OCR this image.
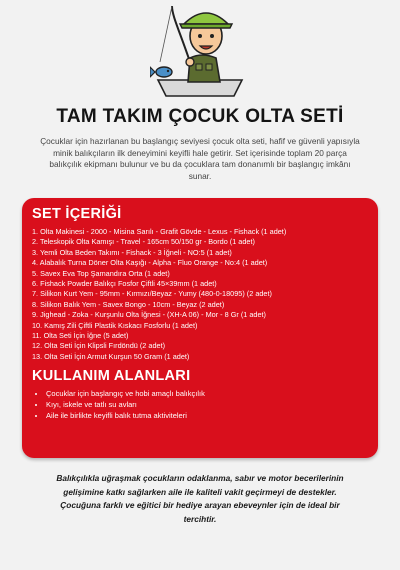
TAM TAKIM ÇOCUK OLTA SETİ
Çocuklar için hazırlanan bu başlangıç seviyesi çocuk olta seti, hafif ve güvenli yapısıyla minik balıkçıların ilk deneyimini keyifli hale getirir. Set içerisinde toplam 20 parça balıkçılık ekipmanı bulunur ve bu da çocuklara tam donanımlı bir başlangıç imkânı sunar.
SET İÇERİĞİ
1. Olta Makinesi - 2000 - Misina Sarılı - Grafit Gövde - Lexus - Fishack (1 adet)
2. Teleskopik Olta Kamışı - Travel - 165cm 50/150 gr - Bordo (1 adet)
3. Yemli Olta Beden Takımı - Fishack - 3 İğneli - NO:5 (1 adet)
4. Alabalık Turna Döner Olta Kaşığı - Alpha - Fluo Orange - No:4 (1 adet)
5. Savex Eva Top Şamandıra Orta (1 adet)
6. Fishack Powder Balıkçı Fosfor Çiftli 45×39mm (1 adet)
7. Silikon Kurt Yem - 95mm - Kırmızı/Beyaz - Yumy (480-0-18095) (2 adet)
8. Silikon Balık Yem - Savex Bongo - 10cm - Beyaz (2 adet)
9. Jighead - Zoka - Kurşunlu Olta İğnesi - (XH-A 06) - Mor - 8 Gr (1 adet)
10. Kamış Zili Çiftli Plastik Kıskacı Fosforlu (1 adet)
11. Olta Seti İçin İğne (5 adet)
12. Olta Seti İçin Klipsli Fırdöndü (2 adet)
13. Olta Seti İçin Armut Kurşun 50 Gram (1 adet)
KULLANIM ALANLARI
• Çocuklar için başlangıç ve hobi amaçlı balıkçılık
• Kıyı, iskele ve tatlı su avları
• Aile ile birlikte keyifli balık tutma aktiviteleri
Balıkçılıkla uğraşmak çocukların odaklanma, sabır ve motor becerilerinin gelişimine katkı sağlarken aile ile kaliteli vakit geçirmeyi de destekler. Çocuğuna farklı ve eğitici bir hediye arayan ebeveynler için de ideal bir tercihtir.
